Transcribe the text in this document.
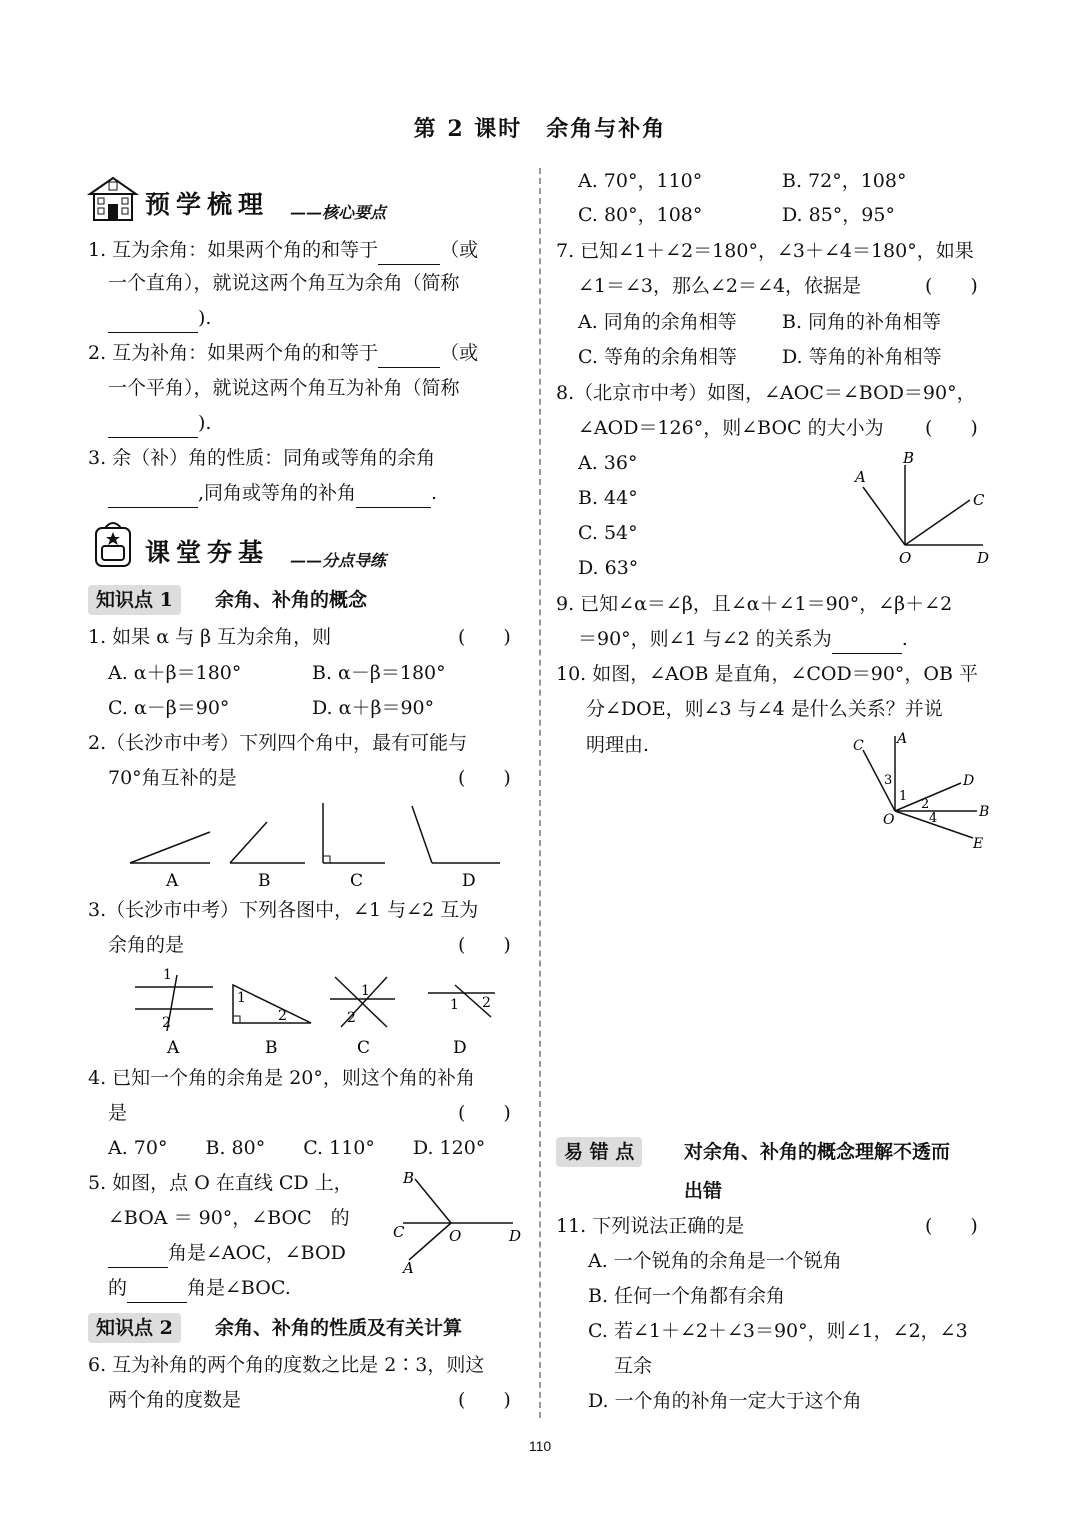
第 2 课时　余角与补角
预学梳理 ——核心要点
1. 互为余角：如果两个角的和等于	（或
一个直角），就说这两个角互为余角（简称
).
2. 互为补角：如果两个角的和等于	（或
一个平角），就说这两个角互为补角（简称
).
3. 余（补）角的性质：同角或等角的余角
,同角或等角的补角	.
课堂夯基 ——分点导练
知识点 1	余角、补角的概念
1. 如果 α 与 β 互为余角，则	(　　)
A. α＋β＝180°	B. α－β＝180°
C. α－β＝90°	D. α＋β＝90°
2.（长沙市中考）下列四个角中，最有可能与
70°角互补的是	(　　)
A	B	C	D
3.（长沙市中考）下列各图中，∠1 与∠2 互为
余角的是	(　　)
1
2
1
2
1
2
1 2
A	B	C	D
4. 已知一个角的余角是 20°，则这个角的补角
是	(　　)
A. 70°　　B. 80°　　C. 110°　　D. 120°
5. 如图，点 O 在直线 CD 上，
∠BOA ＝ 90°，∠BOC　的
角是∠AOC，∠BOD
的	角是∠BOC.
B
C	O	D
A
知识点 2	余角、补角的性质及有关计算
6. 互为补角的两个角的度数之比是 2∶3，则这
两个角的度数是	(　　)
A. 70°，110°	B. 72°，108°
C. 80°，108°	D. 85°，95°
7. 已知∠1＋∠2＝180°，∠3＋∠4＝180°，如果
∠1＝∠3，那么∠2＝∠4，依据是	(　　)
A. 同角的余角相等 B. 同角的补角相等
C. 等角的余角相等 D. 等角的补角相等
8.（北京市中考）如图，∠AOC＝∠BOD＝90°，
∠AOD＝126°，则∠BOC 的大小为 (　　)
A. 36°
B. 44°
C. 54°
D. 63°
A
B
C
O	D
9. 已知∠α＝∠β，且∠α＋∠1＝90°，∠β＋∠2
＝90°，则∠1 与∠2 的关系为	.
10. 如图，∠AOB 是直角，∠COD＝90°，OB 平
分∠DOE，则∠3 与∠4 是什么关系？并说
明理由.	A
C
D
B
E
O
3
1
2
4
易 错 点	对余角、补角的概念理解不透而
出错
11. 下列说法正确的是	(　　)
A. 一个锐角的余角是一个锐角
B. 任何一个角都有余角
C. 若∠1＋∠2＋∠3＝90°，则∠1，∠2，∠3
互余
D. 一个角的补角一定大于这个角
110
